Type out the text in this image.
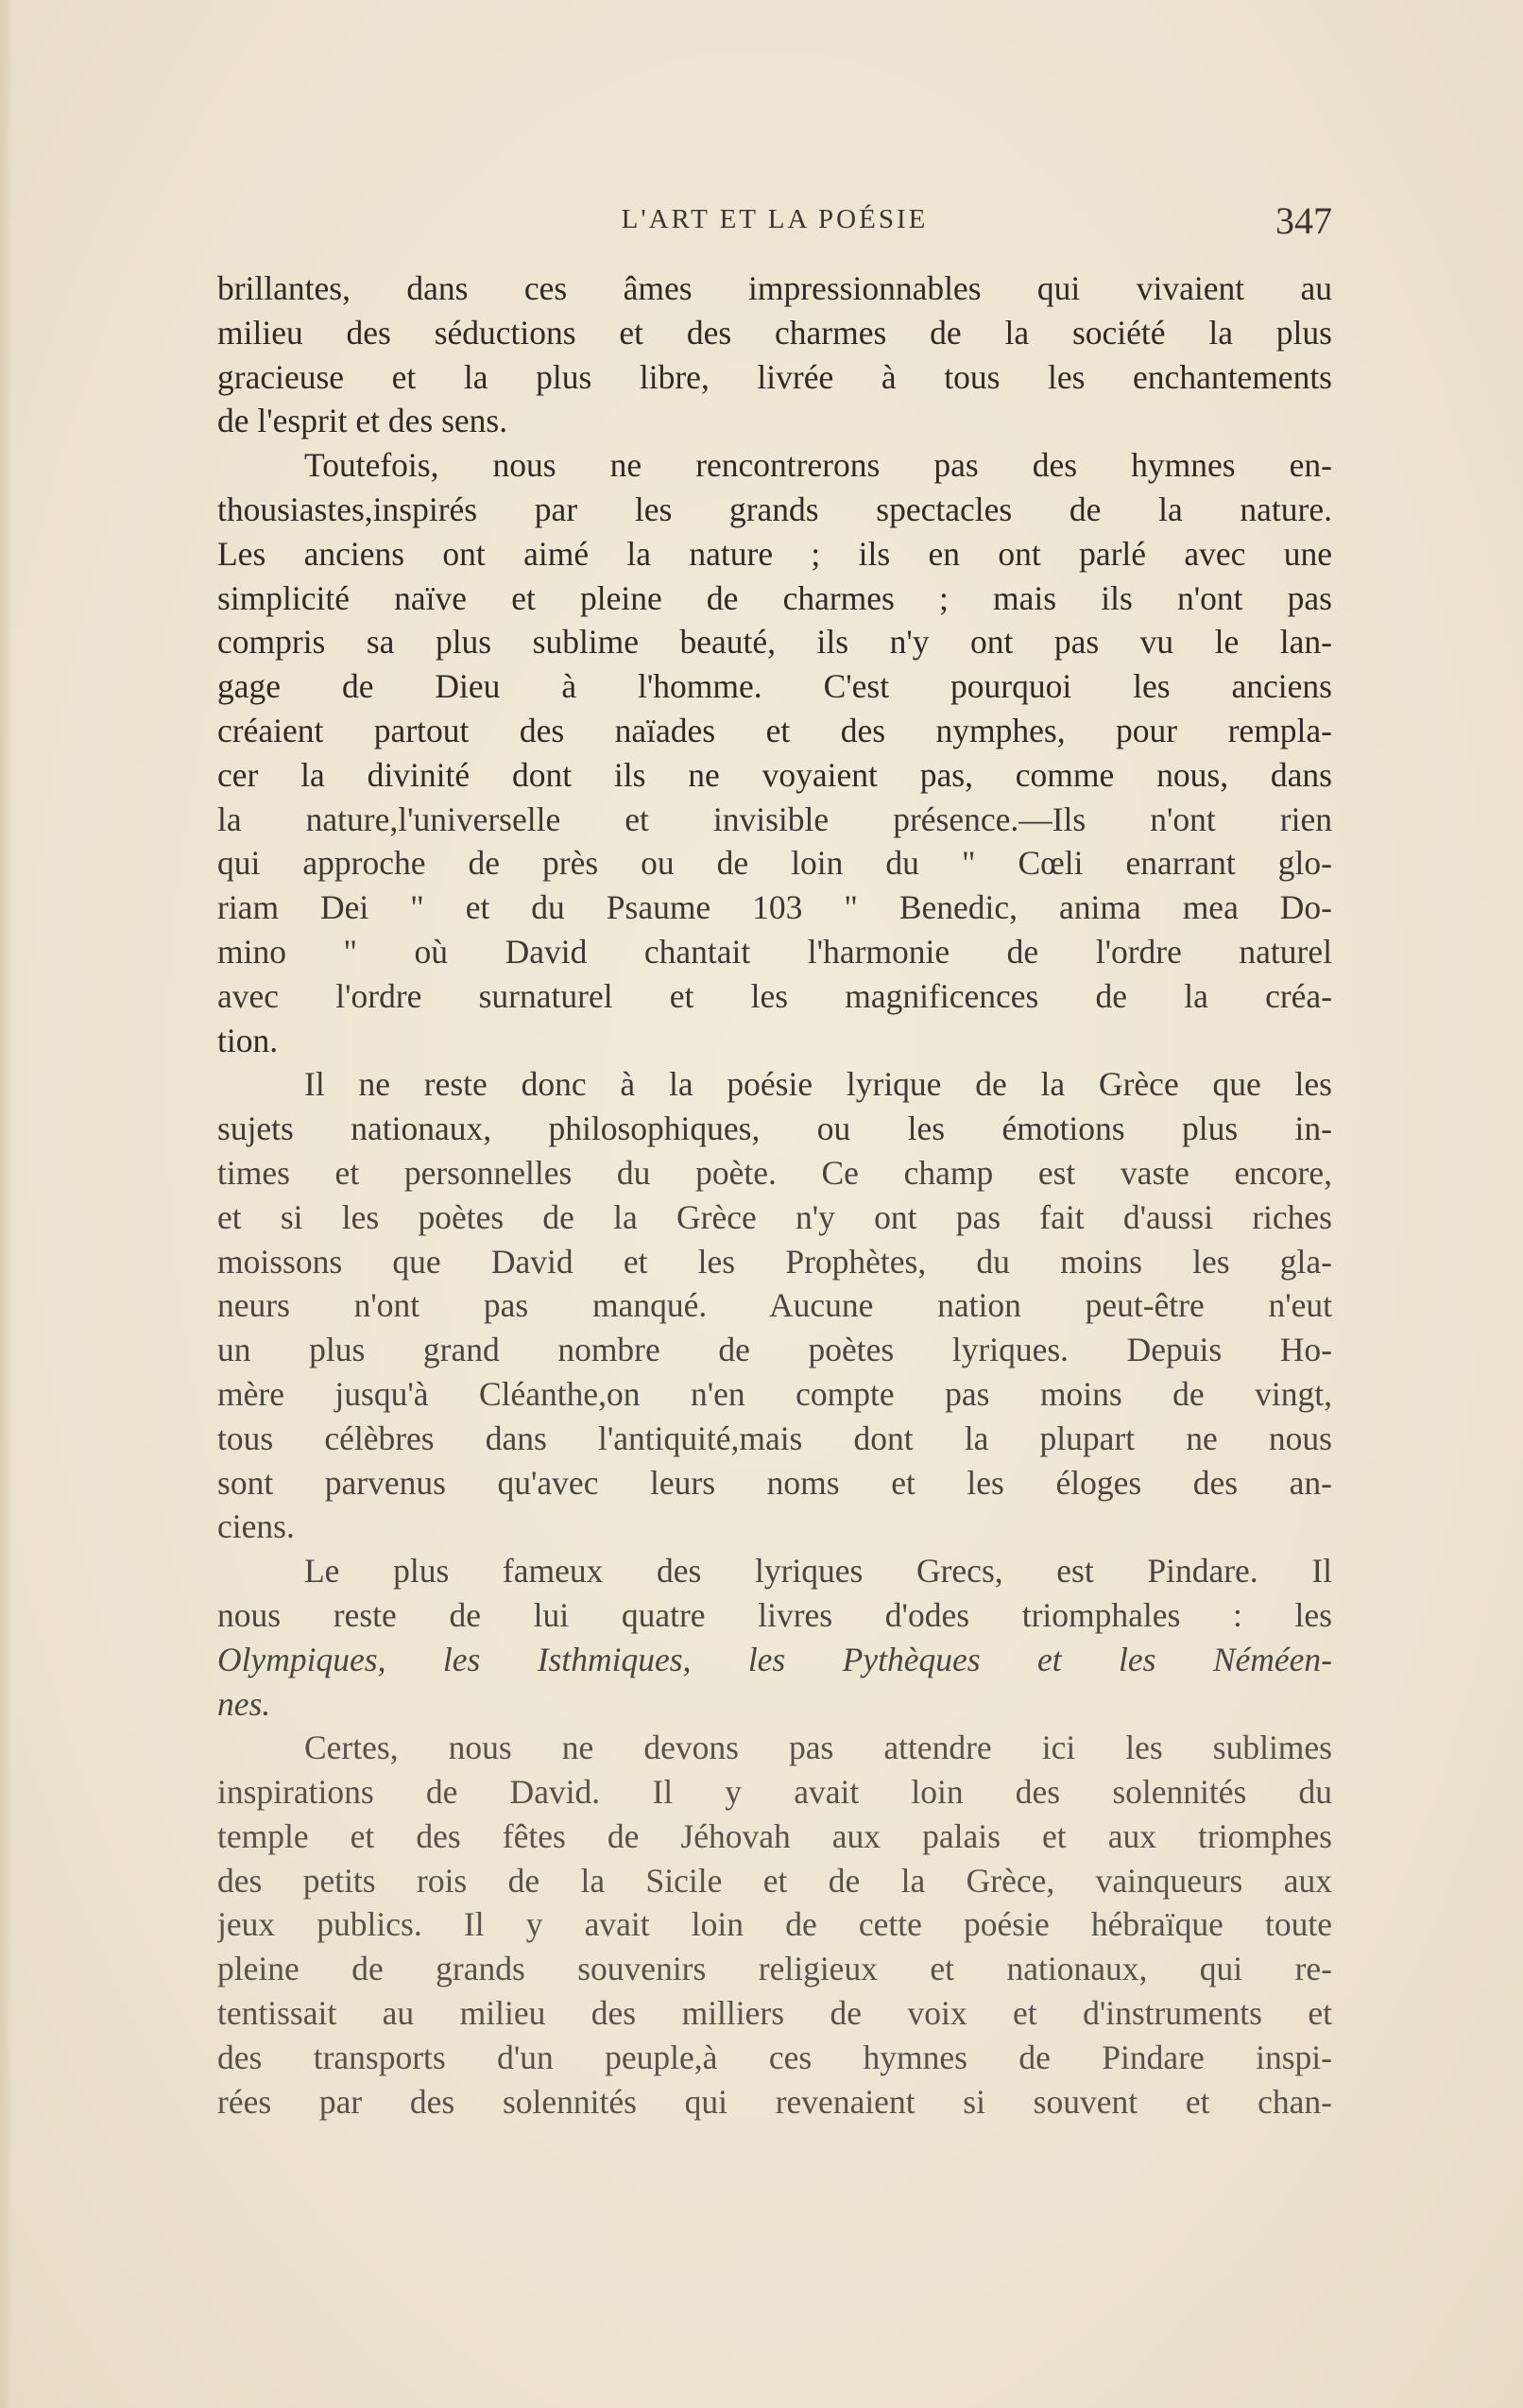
L'ART ET LA POÉSIE	347
brillantes, dans ces âmes impressionnables qui vivaient au
milieu des séductions et des charmes de la société la plus
gracieuse et la plus libre, livrée à tous les enchantements
de l'esprit et des sens.
Toutefois, nous ne rencontrerons pas des hymnes en-
thousiastes,inspirés par les grands spectacles de la nature.
Les anciens ont aimé la nature ; ils en ont parlé avec une
simplicité naïve et pleine de charmes ; mais ils n'ont pas
compris sa plus sublime beauté, ils n'y ont pas vu le lan-
gage de Dieu à l'homme. C'est pourquoi les anciens
créaient partout des naïades et des nymphes, pour rempla-
cer la divinité dont ils ne voyaient pas, comme nous, dans
la nature,l'universelle et invisible présence.—Ils n'ont rien
qui approche de près ou de loin du " Cœli enarrant glo-
riam Dei " et du Psaume 103 " Benedic, anima mea Do-
mino " où David chantait l'harmonie de l'ordre naturel
avec l'ordre surnaturel et les magnificences de la créa-
tion.
Il ne reste donc à la poésie lyrique de la Grèce que les
sujets nationaux, philosophiques, ou les émotions plus in-
times et personnelles du poète. Ce champ est vaste encore,
et si les poètes de la Grèce n'y ont pas fait d'aussi riches
moissons que David et les Prophètes, du moins les gla-
neurs n'ont pas manqué. Aucune nation peut-être n'eut
un plus grand nombre de poètes lyriques. Depuis Ho-
mère jusqu'à Cléanthe,on n'en compte pas moins de vingt,
tous célèbres dans l'antiquité,mais dont la plupart ne nous
sont parvenus qu'avec leurs noms et les éloges des an-
ciens.
Le plus fameux des lyriques Grecs, est Pindare. Il
nous reste de lui quatre livres d'odes triomphales : les
Olympiques, les Isthmiques, les Pythèques et les Néméen-
nes.
Certes, nous ne devons pas attendre ici les sublimes
inspirations de David. Il y avait loin des solennités du
temple et des fêtes de Jéhovah aux palais et aux triomphes
des petits rois de la Sicile et de la Grèce, vainqueurs aux
jeux publics. Il y avait loin de cette poésie hébraïque toute
pleine de grands souvenirs religieux et nationaux, qui re-
tentissait au milieu des milliers de voix et d'instruments et
des transports d'un peuple,à ces hymnes de Pindare inspi-
rées par des solennités qui revenaient si souvent et chan-
